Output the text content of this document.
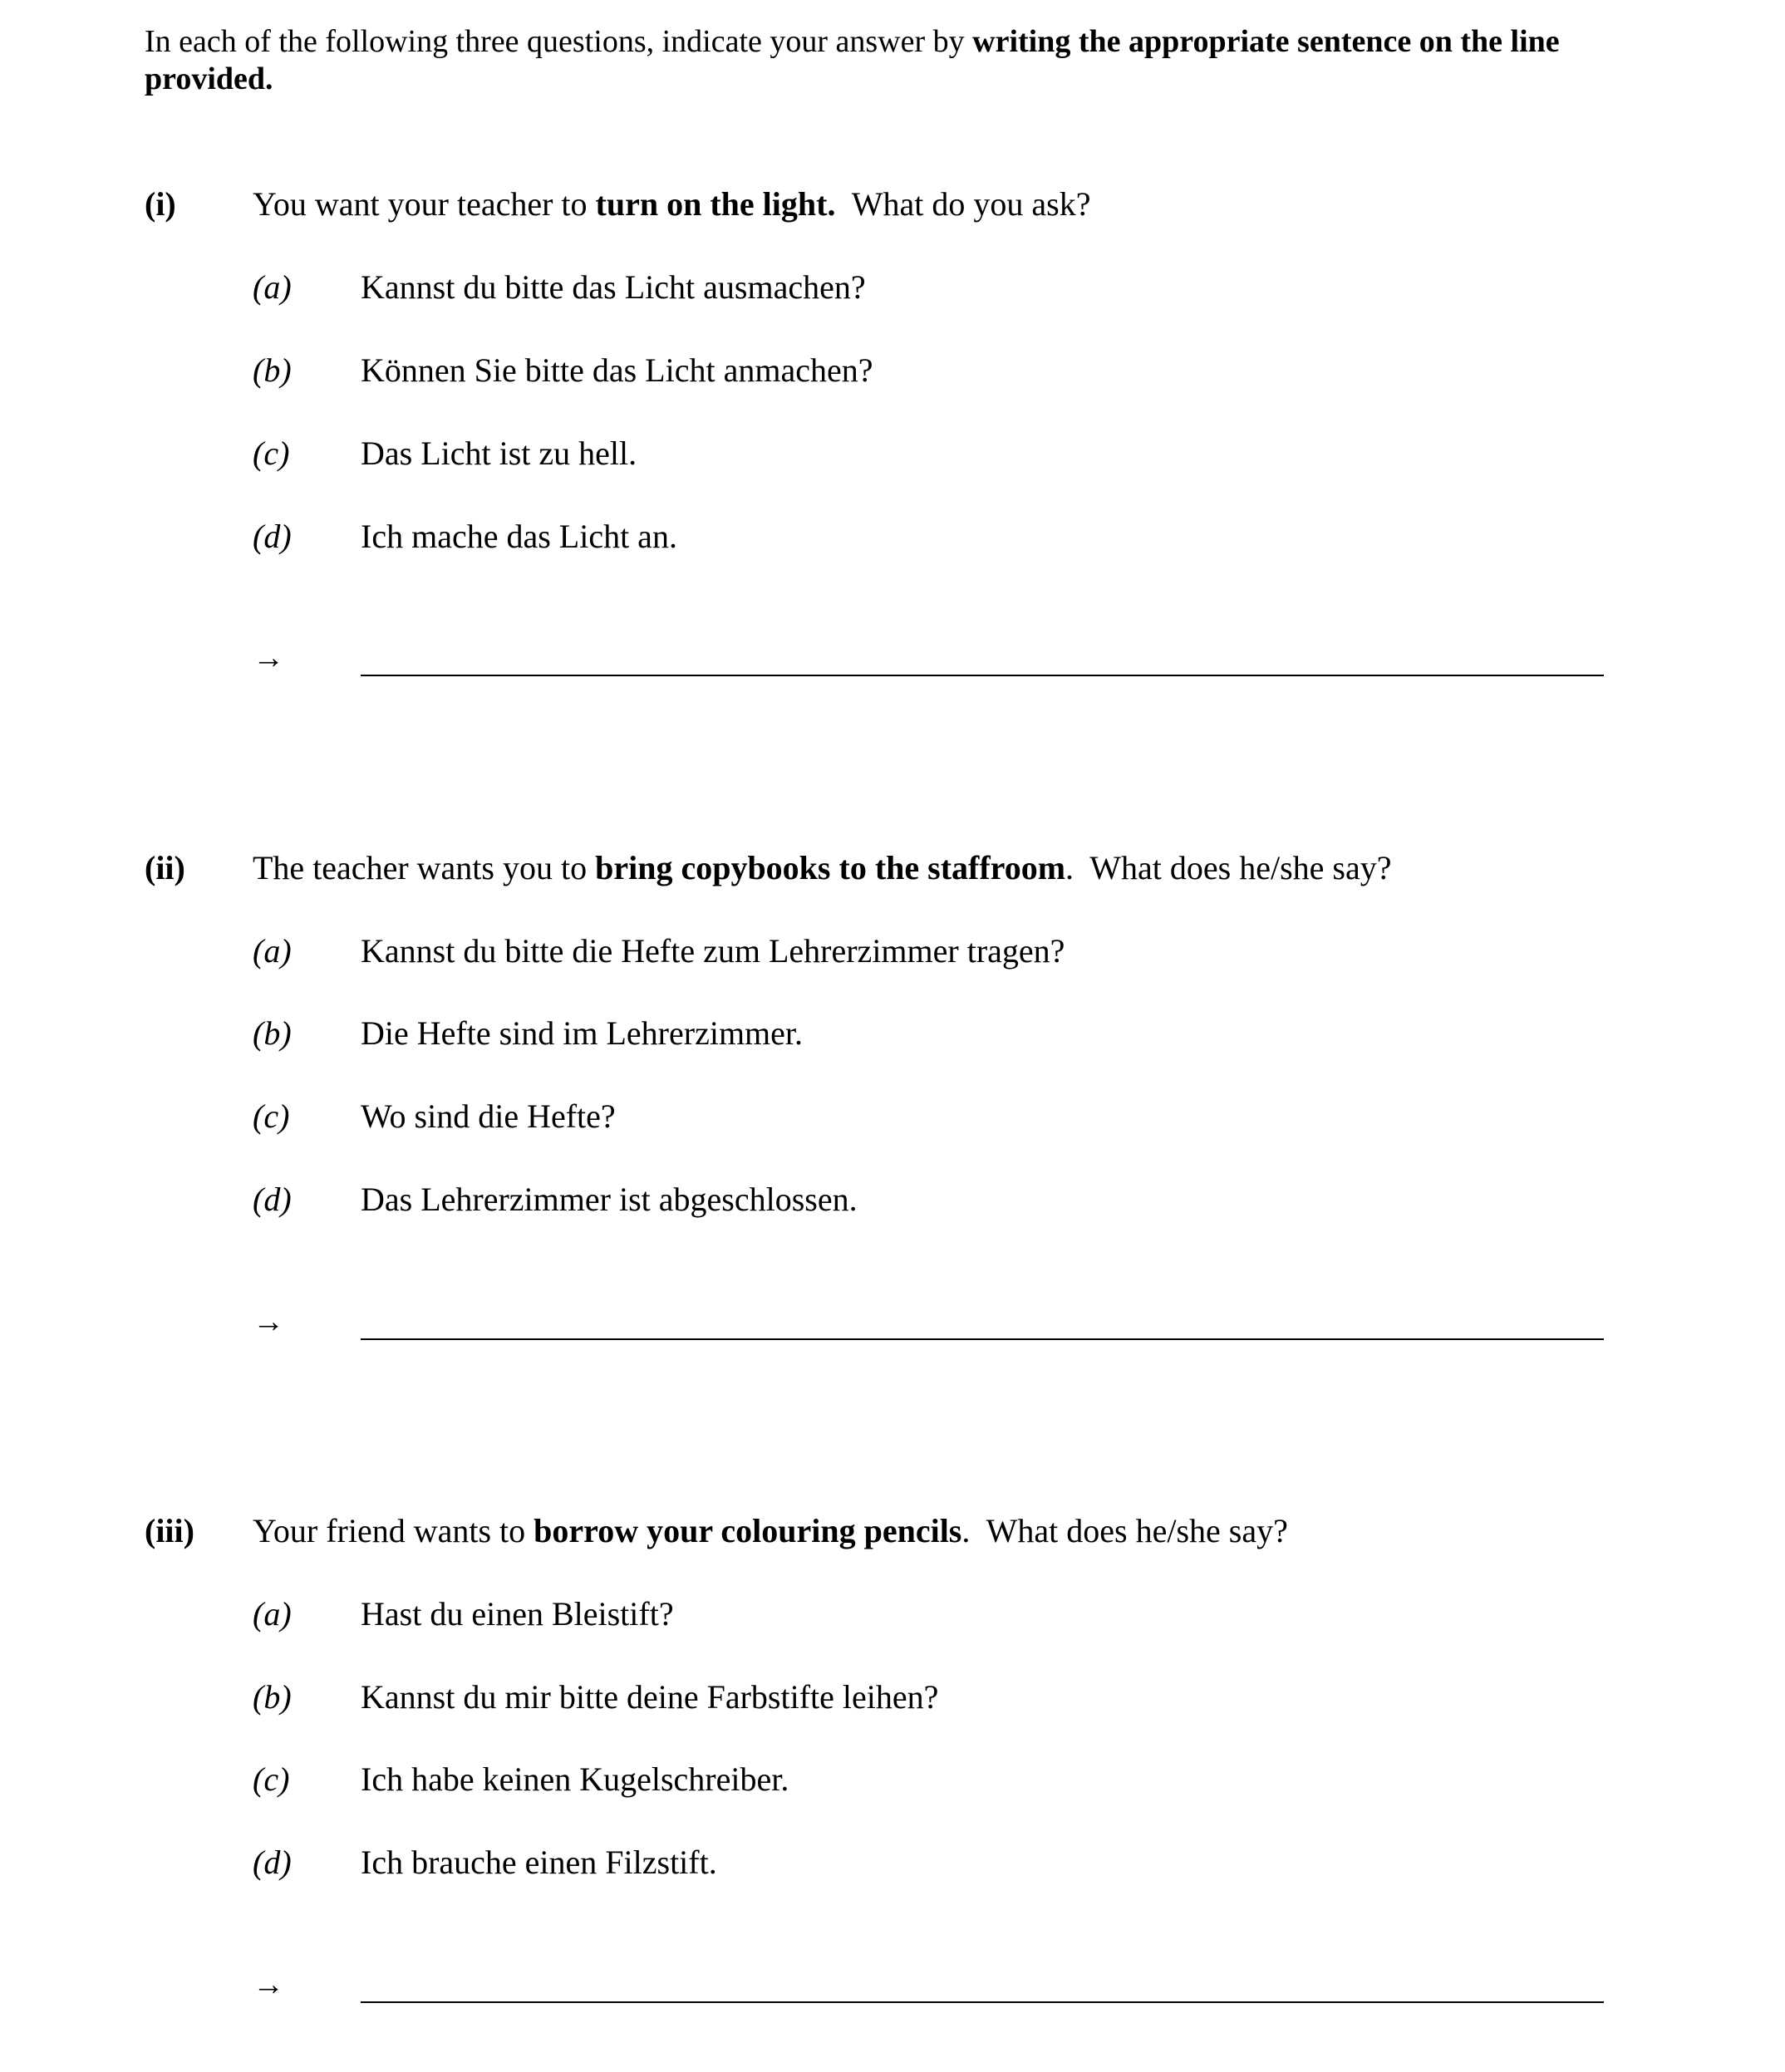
In each of the following three questions, indicate your answer by writing the appropriate sentence on the line provided.
(i) You want your teacher to turn on the light.  What do you ask?
(a) Kannst du bitte das Licht ausmachen?
(b) Können Sie bitte das Licht anmachen?
(c) Das Licht ist zu hell.
(d) Ich mache das Licht an.
→
(ii) The teacher wants you to bring copybooks to the staffroom.  What does he/she say?
(a) Kannst du bitte die Hefte zum Lehrerzimmer tragen?
(b) Die Hefte sind im Lehrerzimmer.
(c) Wo sind die Hefte?
(d) Das Lehrerzimmer ist abgeschlossen.
→
(iii) Your friend wants to borrow your colouring pencils.  What does he/she say?
(a) Hast du einen Bleistift?
(b) Kannst du mir bitte deine Farbstifte leihen?
(c) Ich habe keinen Kugelschreiber.
(d) Ich brauche einen Filzstift.
→
